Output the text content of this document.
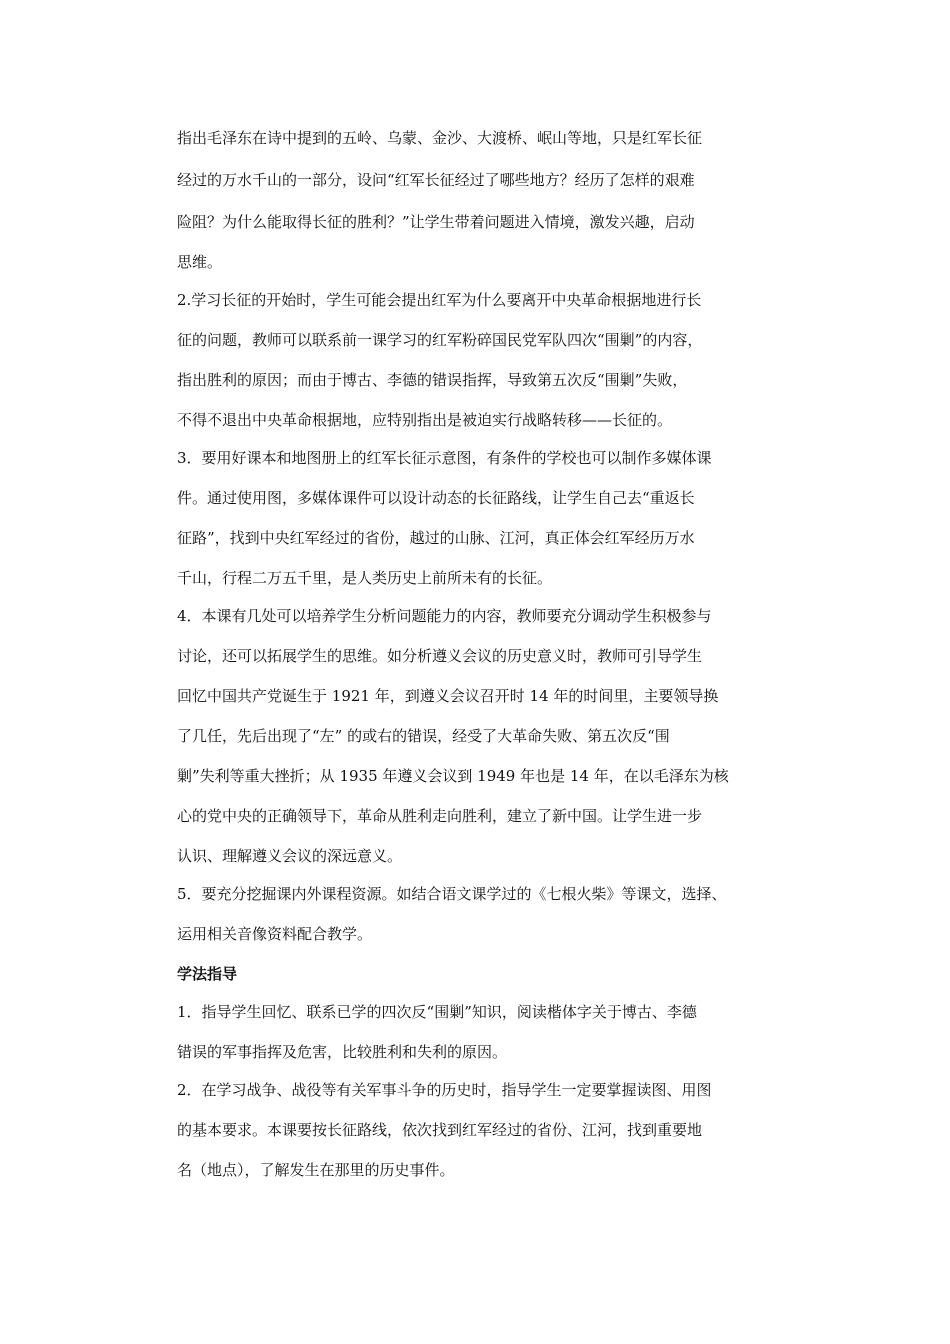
指出毛泽东在诗中提到的五岭、乌蒙、金沙、大渡桥、岷山等地，只是红军长征
经过的万水千山的一部分，设问“红军长征经过了哪些地方？经历了怎样的艰难
险阻？为什么能取得长征的胜利？”让学生带着问题进入情境，激发兴趣，启动
思维。
2.学习长征的开始时，学生可能会提出红军为什么要离开中央革命根据地进行长
征的问题，教师可以联系前一课学习的红军粉碎国民党军队四次“围剿”的内容，
指出胜利的原因；而由于博古、李德的错误指挥，导致第五次反“围剿”失败，
不得不退出中央革命根据地，应特别指出是被迫实行战略转移——长征的。
3．要用好课本和地图册上的红军长征示意图，有条件的学校也可以制作多媒体课
件。通过使用图，多媒体课件可以设计动态的长征路线，让学生自己去“重返长
征路”，找到中央红军经过的省份，越过的山脉、江河，真正体会红军经历万水
千山，行程二万五千里，是人类历史上前所未有的长征。
4．本课有几处可以培养学生分析问题能力的内容，教师要充分调动学生积极参与
讨论，还可以拓展学生的思维。如分析遵义会议的历史意义时，教师可引导学生
回忆中国共产党诞生于 1921 年，到遵义会议召开时 14 年的时间里，主要领导换
了几任，先后出现了“左” 的或右的错误，经受了大革命失败、第五次反“围
剿”失利等重大挫折；从 1935 年遵义会议到 1949 年也是 14 年，在以毛泽东为核
心的党中央的正确领导下，革命从胜利走向胜利，建立了新中国。让学生进一步
认识、理解遵义会议的深远意义。
5．要充分挖掘课内外课程资源。如结合语文课学过的《七根火柴》等课文，选择、
运用相关音像资料配合教学。
学法指导
1．指导学生回忆、联系已学的四次反“围剿”知识，阅读楷体字关于博古、李德
错误的军事指挥及危害，比较胜利和失利的原因。
2．在学习战争、战役等有关军事斗争的历史时，指导学生一定要掌握读图、用图
的基本要求。本课要按长征路线，依次找到红军经过的省份、江河，找到重要地
名（地点），了解发生在那里的历史事件。
